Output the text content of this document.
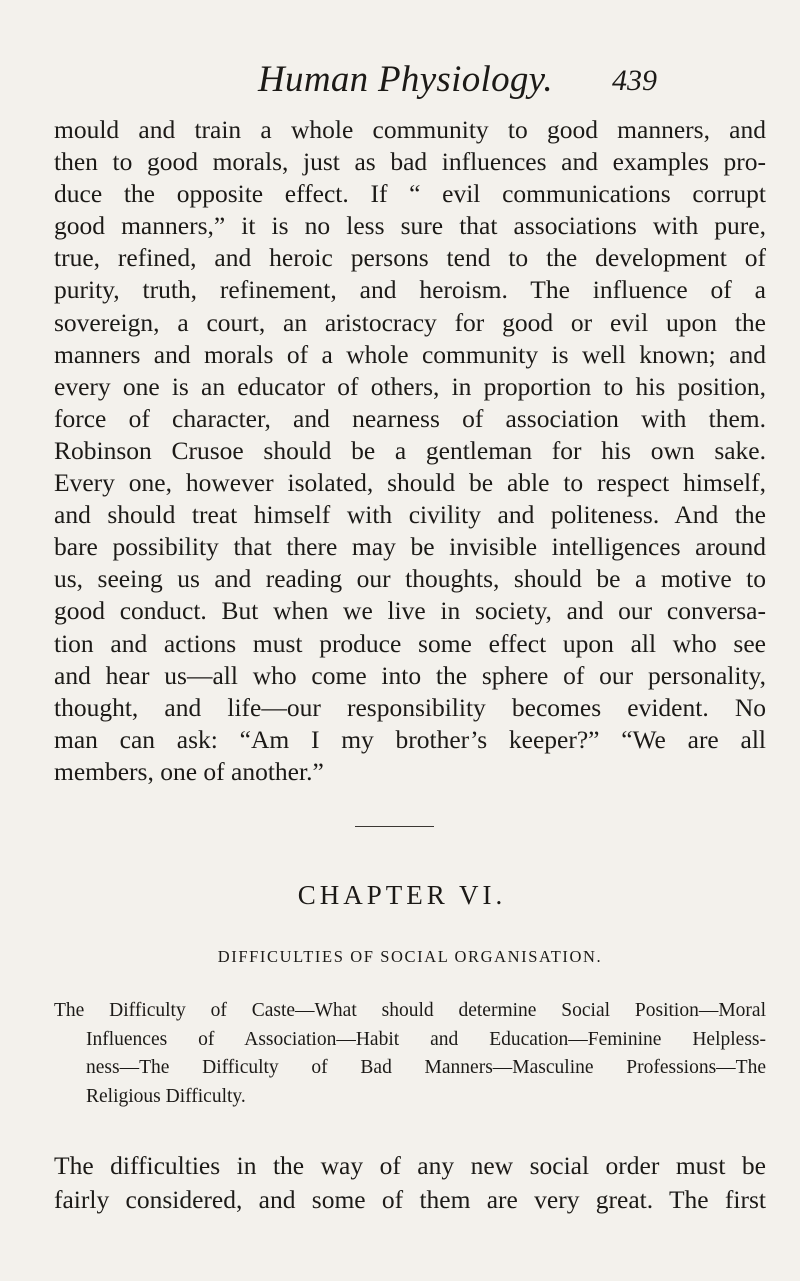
Human Physiology. 439
mould and train a whole community to good manners, and
then to good morals, just as bad influences and examples pro-
duce the opposite effect. If “ evil communications corrupt
good manners,” it is no less sure that associations with pure,
true, refined, and heroic persons tend to the development of
purity, truth, refinement, and heroism. The influence of a
sovereign, a court, an aristocracy for good or evil upon the
manners and morals of a whole community is well known; and
every one is an educator of others, in proportion to his position,
force of character, and nearness of association with them.
Robinson Crusoe should be a gentleman for his own sake.
Every one, however isolated, should be able to respect himself,
and should treat himself with civility and politeness. And the
bare possibility that there may be invisible intelligences around
us, seeing us and reading our thoughts, should be a motive to
good conduct. But when we live in society, and our conversa-
tion and actions must produce some effect upon all who see
and hear us—all who come into the sphere of our personality,
thought, and life—our responsibility becomes evident. No
man can ask: “Am I my brother’s keeper?” “We are all
members, one of another.”
CHAPTER VI.
DIFFICULTIES OF SOCIAL ORGANISATION.
The Difficulty of Caste—What should determine Social Position—Moral
Influences of Association—Habit and Education—Feminine Helpless-
ness—The Difficulty of Bad Manners—Masculine Professions—The
Religious Difficulty.
The difficulties in the way of any new social order must be
fairly considered, and some of them are very great. The first
